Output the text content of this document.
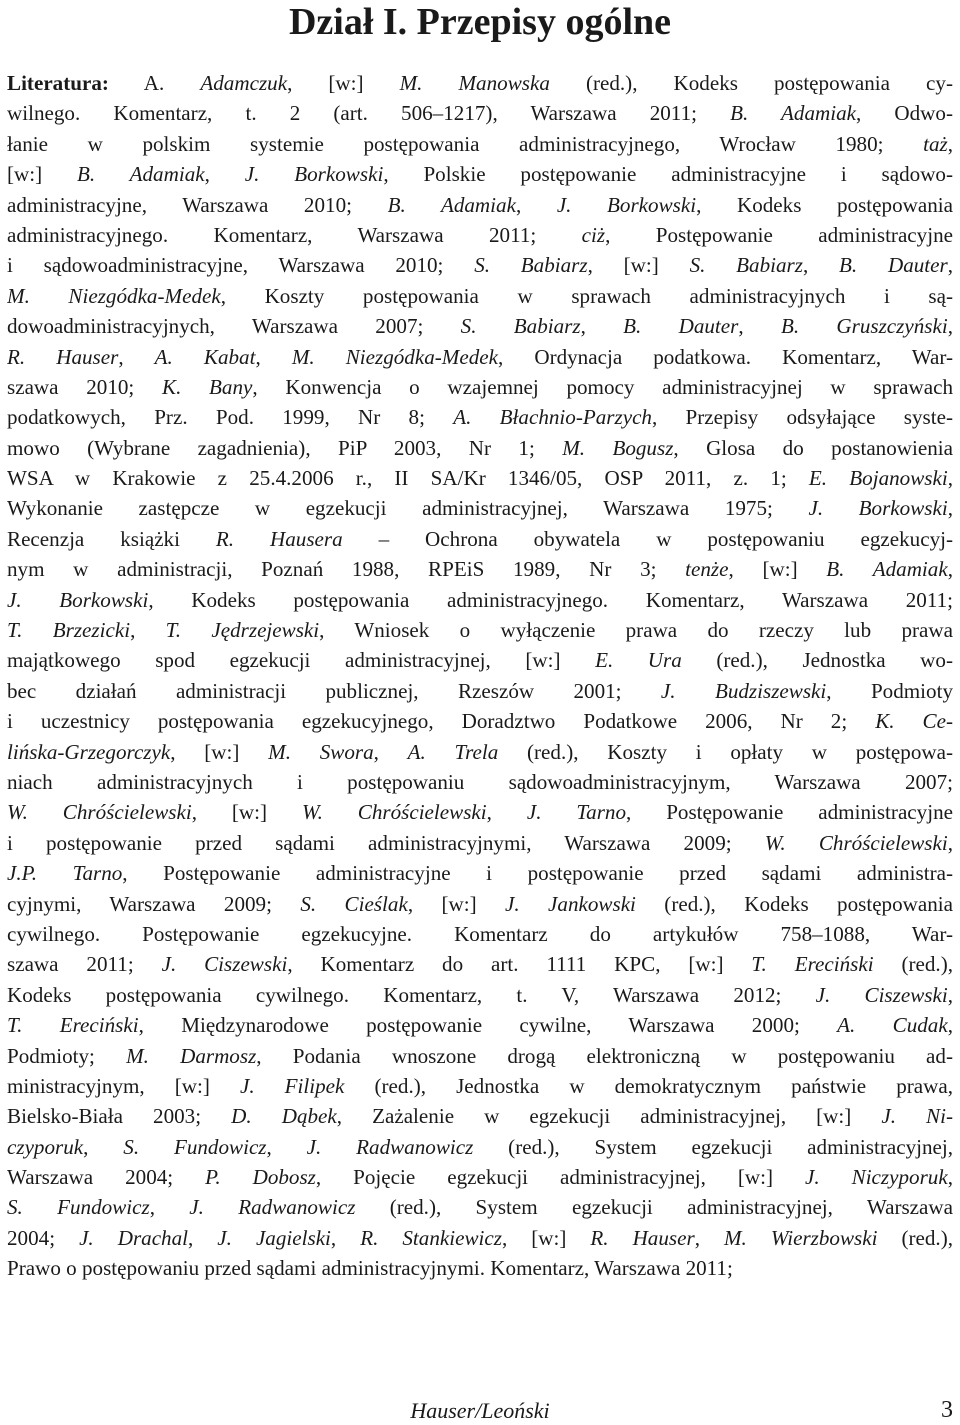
Dział I. Przepisy ogólne
Literatura: A. Adamczuk, [w:] M. Manowska (red.), Kodeks postępowania cy-
wilnego. Komentarz, t. 2 (art. 506–1217), Warszawa 2011; B. Adamiak, Odwo-
łanie w polskim systemie postępowania administracyjnego, Wrocław 1980; taż,
[w:] B. Adamiak, J. Borkowski, Polskie postępowanie administracyjne i sądowo-
administracyjne, Warszawa 2010; B. Adamiak, J. Borkowski, Kodeks postępowania
administracyjnego. Komentarz, Warszawa 2011; ciż, Postępowanie administracyjne
i sądowoadministracyjne, Warszawa 2010; S. Babiarz, [w:] S. Babiarz, B. Dauter,
M. Niezgódka-Medek, Koszty postępowania w sprawach administracyjnych i są-
dowoadministracyjnych, Warszawa 2007; S. Babiarz, B. Dauter, B. Gruszczyński,
R. Hauser, A. Kabat, M. Niezgódka-Medek, Ordynacja podatkowa. Komentarz, War-
szawa 2010; K. Bany, Konwencja o wzajemnej pomocy administracyjnej w sprawach
podatkowych, Prz. Pod. 1999, Nr 8; A. Błachnio-Parzych, Przepisy odsyłające syste-
mowo (Wybrane zagadnienia), PiP 2003, Nr 1; M. Bogusz, Glosa do postanowienia
WSA w Krakowie z 25.4.2006 r., II SA/Kr 1346/05, OSP 2011, z. 1; E. Bojanowski,
Wykonanie zastępcze w egzekucji administracyjnej, Warszawa 1975; J. Borkowski,
Recenzja książki R. Hausera – Ochrona obywatela w postępowaniu egzekucyj-
nym w administracji, Poznań 1988, RPEiS 1989, Nr 3; tenże, [w:] B. Adamiak,
J. Borkowski, Kodeks postępowania administracyjnego. Komentarz, Warszawa 2011;
T. Brzezicki, T. Jędrzejewski, Wniosek o wyłączenie prawa do rzeczy lub prawa
majątkowego spod egzekucji administracyjnej, [w:] E. Ura (red.), Jednostka wo-
bec działań administracji publicznej, Rzeszów 2001; J. Budziszewski, Podmioty
i uczestnicy postępowania egzekucyjnego, Doradztwo Podatkowe 2006, Nr 2; K. Ce-
lińska-Grzegorczyk, [w:] M. Swora, A. Trela (red.), Koszty i opłaty w postępowa-
niach administracyjnych i postępowaniu sądowoadministracyjnym, Warszawa 2007;
W. Chróścielewski, [w:] W. Chróścielewski, J. Tarno, Postępowanie administracyjne
i postępowanie przed sądami administracyjnymi, Warszawa 2009; W. Chróścielewski,
J.P. Tarno, Postępowanie administracyjne i postępowanie przed sądami administra-
cyjnymi, Warszawa 2009; S. Cieślak, [w:] J. Jankowski (red.), Kodeks postępowania
cywilnego. Postępowanie egzekucyjne. Komentarz do artykułów 758–1088, War-
szawa 2011; J. Ciszewski, Komentarz do art. 1111 KPC, [w:] T. Ereciński (red.),
Kodeks postępowania cywilnego. Komentarz, t. V, Warszawa 2012; J. Ciszewski,
T. Ereciński, Międzynarodowe postępowanie cywilne, Warszawa 2000; A. Cudak,
Podmioty; M. Darmosz, Podania wnoszone drogą elektroniczną w postępowaniu ad-
ministracyjnym, [w:] J. Filipek (red.), Jednostka w demokratycznym państwie prawa,
Bielsko-Biała 2003; D. Dąbek, Zażalenie w egzekucji administracyjnej, [w:] J. Ni-
czyporuk, S. Fundowicz, J. Radwanowicz (red.), System egzekucji administracyjnej,
Warszawa 2004; P. Dobosz, Pojęcie egzekucji administracyjnej, [w:] J. Niczyporuk,
S. Fundowicz, J. Radwanowicz (red.), System egzekucji administracyjnej, Warszawa
2004; J. Drachal, J. Jagielski, R. Stankiewicz, [w:] R. Hauser, M. Wierzbowski (red.),
Prawo o postępowaniu przed sądami administracyjnymi. Komentarz, Warszawa 2011;
Hauser/Leoński	3
